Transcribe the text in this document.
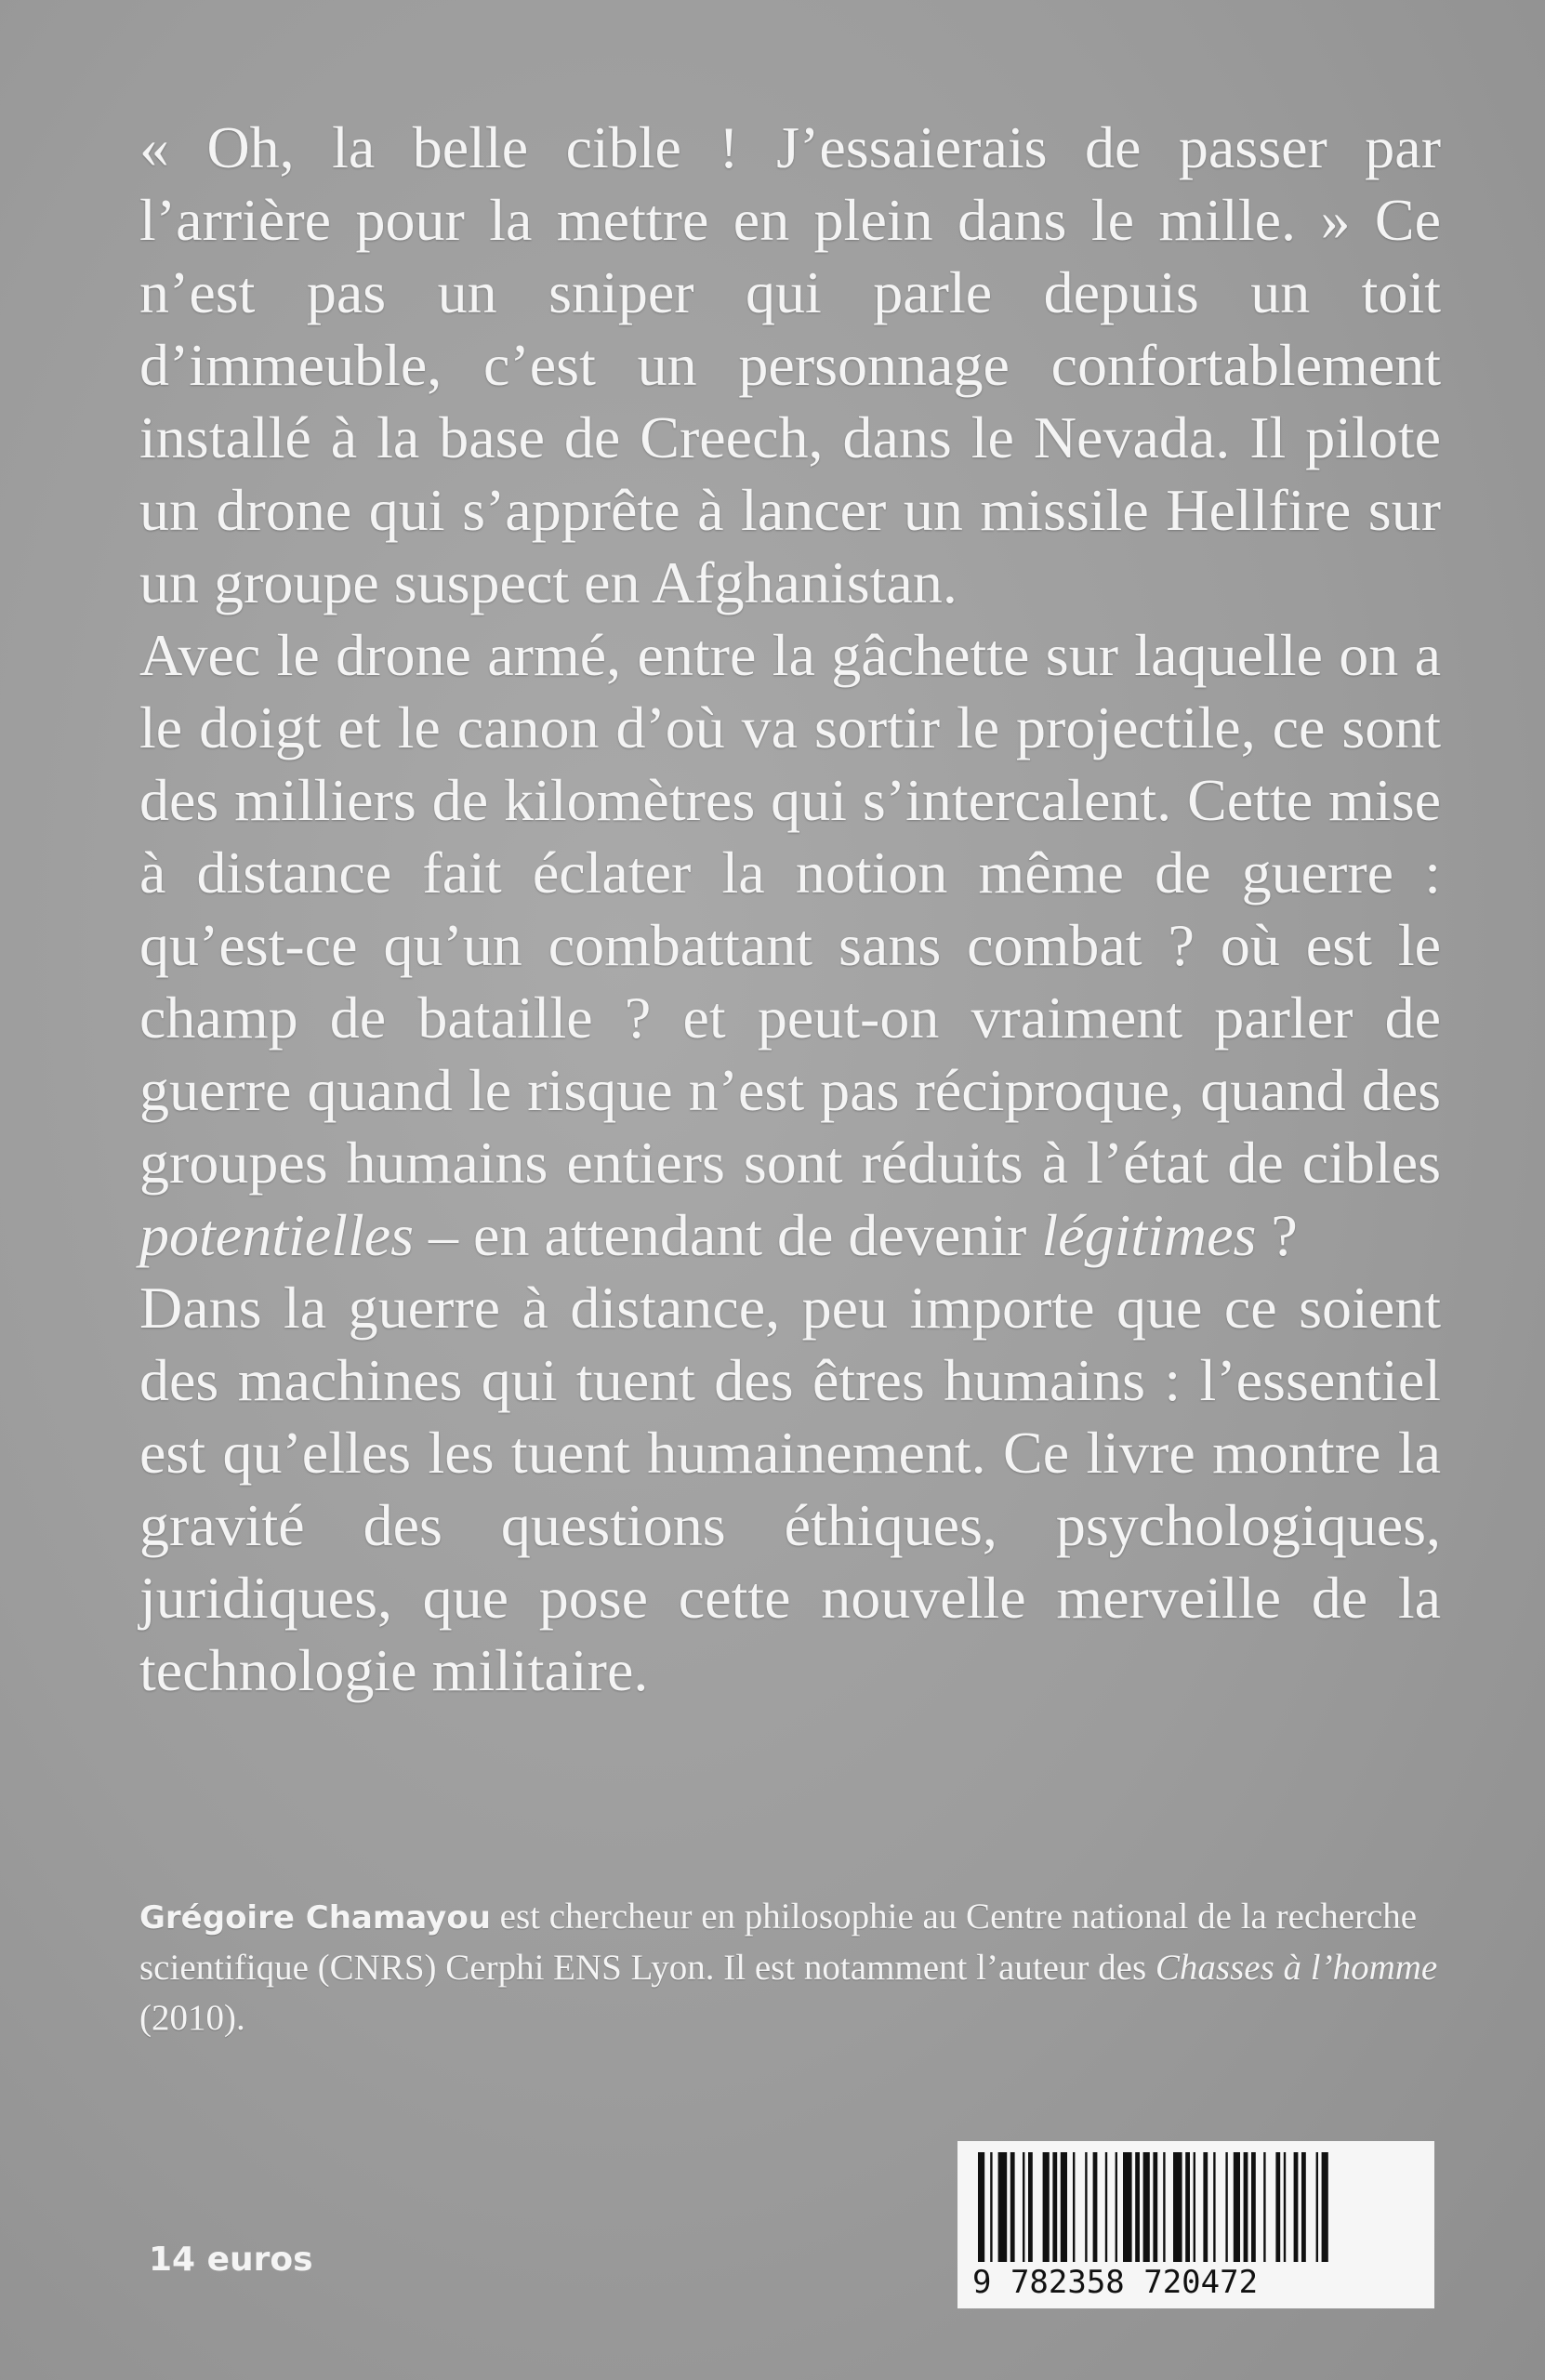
« Oh, la belle cible ! J’essaierais de passer par l’arrière pour la mettre en plein dans le mille. » Ce n’est pas un sniper qui parle depuis un toit d’immeuble, c’est un personnage confortablement installé à la base de Creech, dans le Nevada. Il pilote un drone qui s’apprête à lancer un missile Hellfire sur un groupe suspect en Afghanistan.

Avec le drone armé, entre la gâchette sur laquelle on a le doigt et le canon d’où va sortir le projectile, ce sont des milliers de kilomètres qui s’intercalent. Cette mise à distance fait éclater la notion même de guerre : qu’est-ce qu’un combattant sans combat ? où est le champ de bataille ? et peut-on vraiment parler de guerre quand le risque n’est pas réciproque, quand des groupes humains entiers sont réduits à l’état de cibles potentielles – en attendant de devenir légitimes ?

Dans la guerre à distance, peu importe que ce soient des machines qui tuent des êtres humains : l’essentiel est qu’elles les tuent humainement. Ce livre montre la gravité des questions éthiques, psychologiques, juridiques, que pose cette nouvelle merveille de la technologie militaire.

Grégoire Chamayou est chercheur en philosophie au Centre national de la recherche scientifique (CNRS) Cerphi ENS Lyon. Il est notamment l’auteur des Chasses à l’homme (2010).
14 euros
9 782358 720472
